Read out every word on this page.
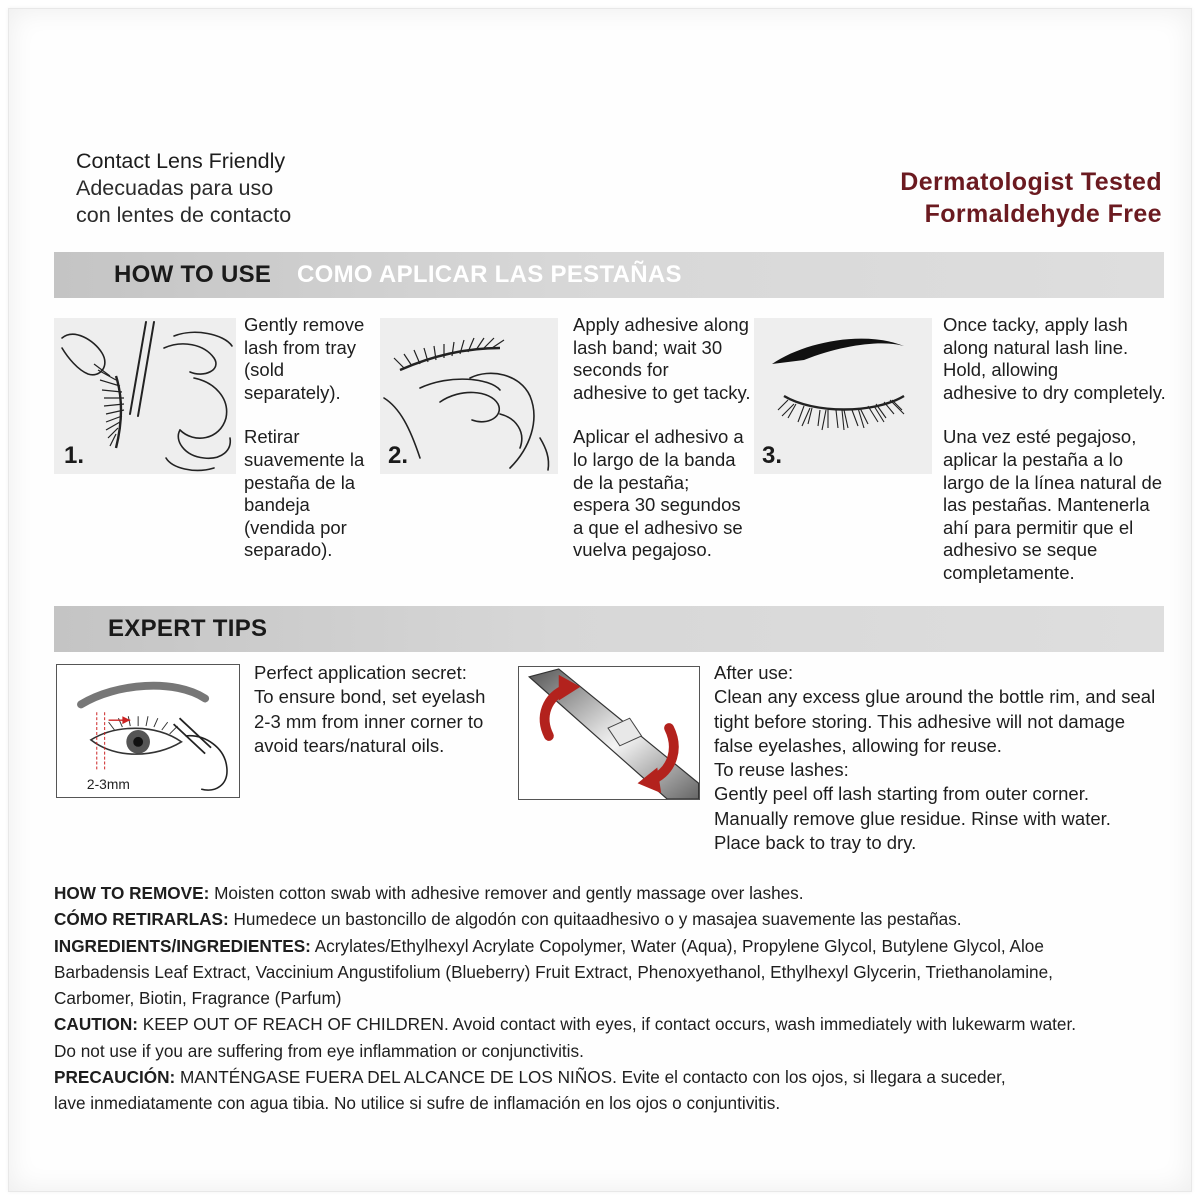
Contact Lens Friendly
Adecuadas para uso
con lentes de contacto
Dermatologist Tested
Formaldehyde Free
HOW TO USE COMO APLICAR LAS PESTAÑAS
1.

Gently remove
lash from tray
(sold
separately).

Retirar
suavemente la
pestaña de la
bandeja
(vendida por
separado).

2.

Apply adhesive along
lash band; wait 30
seconds for
adhesive to get tacky.

Aplicar el adhesivo a
lo largo de la banda
de la pestaña;
espera 30 segundos
a que el adhesivo se
vuelva pegajoso.

3.

Once tacky, apply lash
along natural lash line.
Hold, allowing
adhesive to dry completely.

Una vez esté pegajoso,
aplicar la pestaña a lo
largo de la línea natural de
las pestañas. Mantenerla
ahí para permitir que el
adhesivo se seque
completamente.

EXPERT TIPS
2-3mm
Perfect application secret:
To ensure bond, set eyelash
2-3 mm from inner corner to
avoid tears/natural oils.
After use:
Clean any excess glue around the bottle rim, and seal
tight before storing. This adhesive will not damage
false eyelashes, allowing for reuse.
To reuse lashes:
Gently peel off lash starting from outer corner.
Manually remove glue residue. Rinse with water.
Place back to tray to dry.
HOW TO REMOVE: Moisten cotton swab with adhesive remover and gently massage over lashes.
CÓMO RETIRARLAS: Humedece un bastoncillo de algodón con quitaadhesivo o y masajea suavemente las pestañas.
INGREDIENTS/INGREDIENTES: Acrylates/Ethylhexyl Acrylate Copolymer, Water (Aqua), Propylene Glycol, Butylene Glycol, Aloe
Barbadensis Leaf Extract, Vaccinium Angustifolium (Blueberry) Fruit Extract, Phenoxyethanol, Ethylhexyl Glycerin, Triethanolamine,
Carbomer, Biotin, Fragrance (Parfum)
CAUTION: KEEP OUT OF REACH OF CHILDREN. Avoid contact with eyes, if contact occurs, wash immediately with lukewarm water.
Do not use if you are suffering from eye inflammation or conjunctivitis.
PRECAUCIÓN: MANTÉNGASE FUERA DEL ALCANCE DE LOS NIÑOS. Evite el contacto con los ojos, si llegara a suceder,
lave inmediatamente con agua tibia. No utilice si sufre de inflamación en los ojos o conjuntivitis.
